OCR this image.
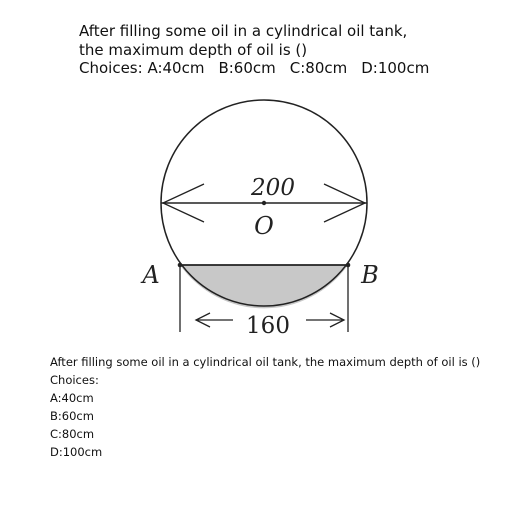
After filling some oil in a cylindrical oil tank,
the maximum depth of oil is ()
Choices: A:40cm B:60cm C:80cm D:100cm
200
O
A	B
160
After filling some oil in a cylindrical oil tank, the maximum depth of oil is ()
Choices:
A:40cm
B:60cm
C:80cm
D:100cm
